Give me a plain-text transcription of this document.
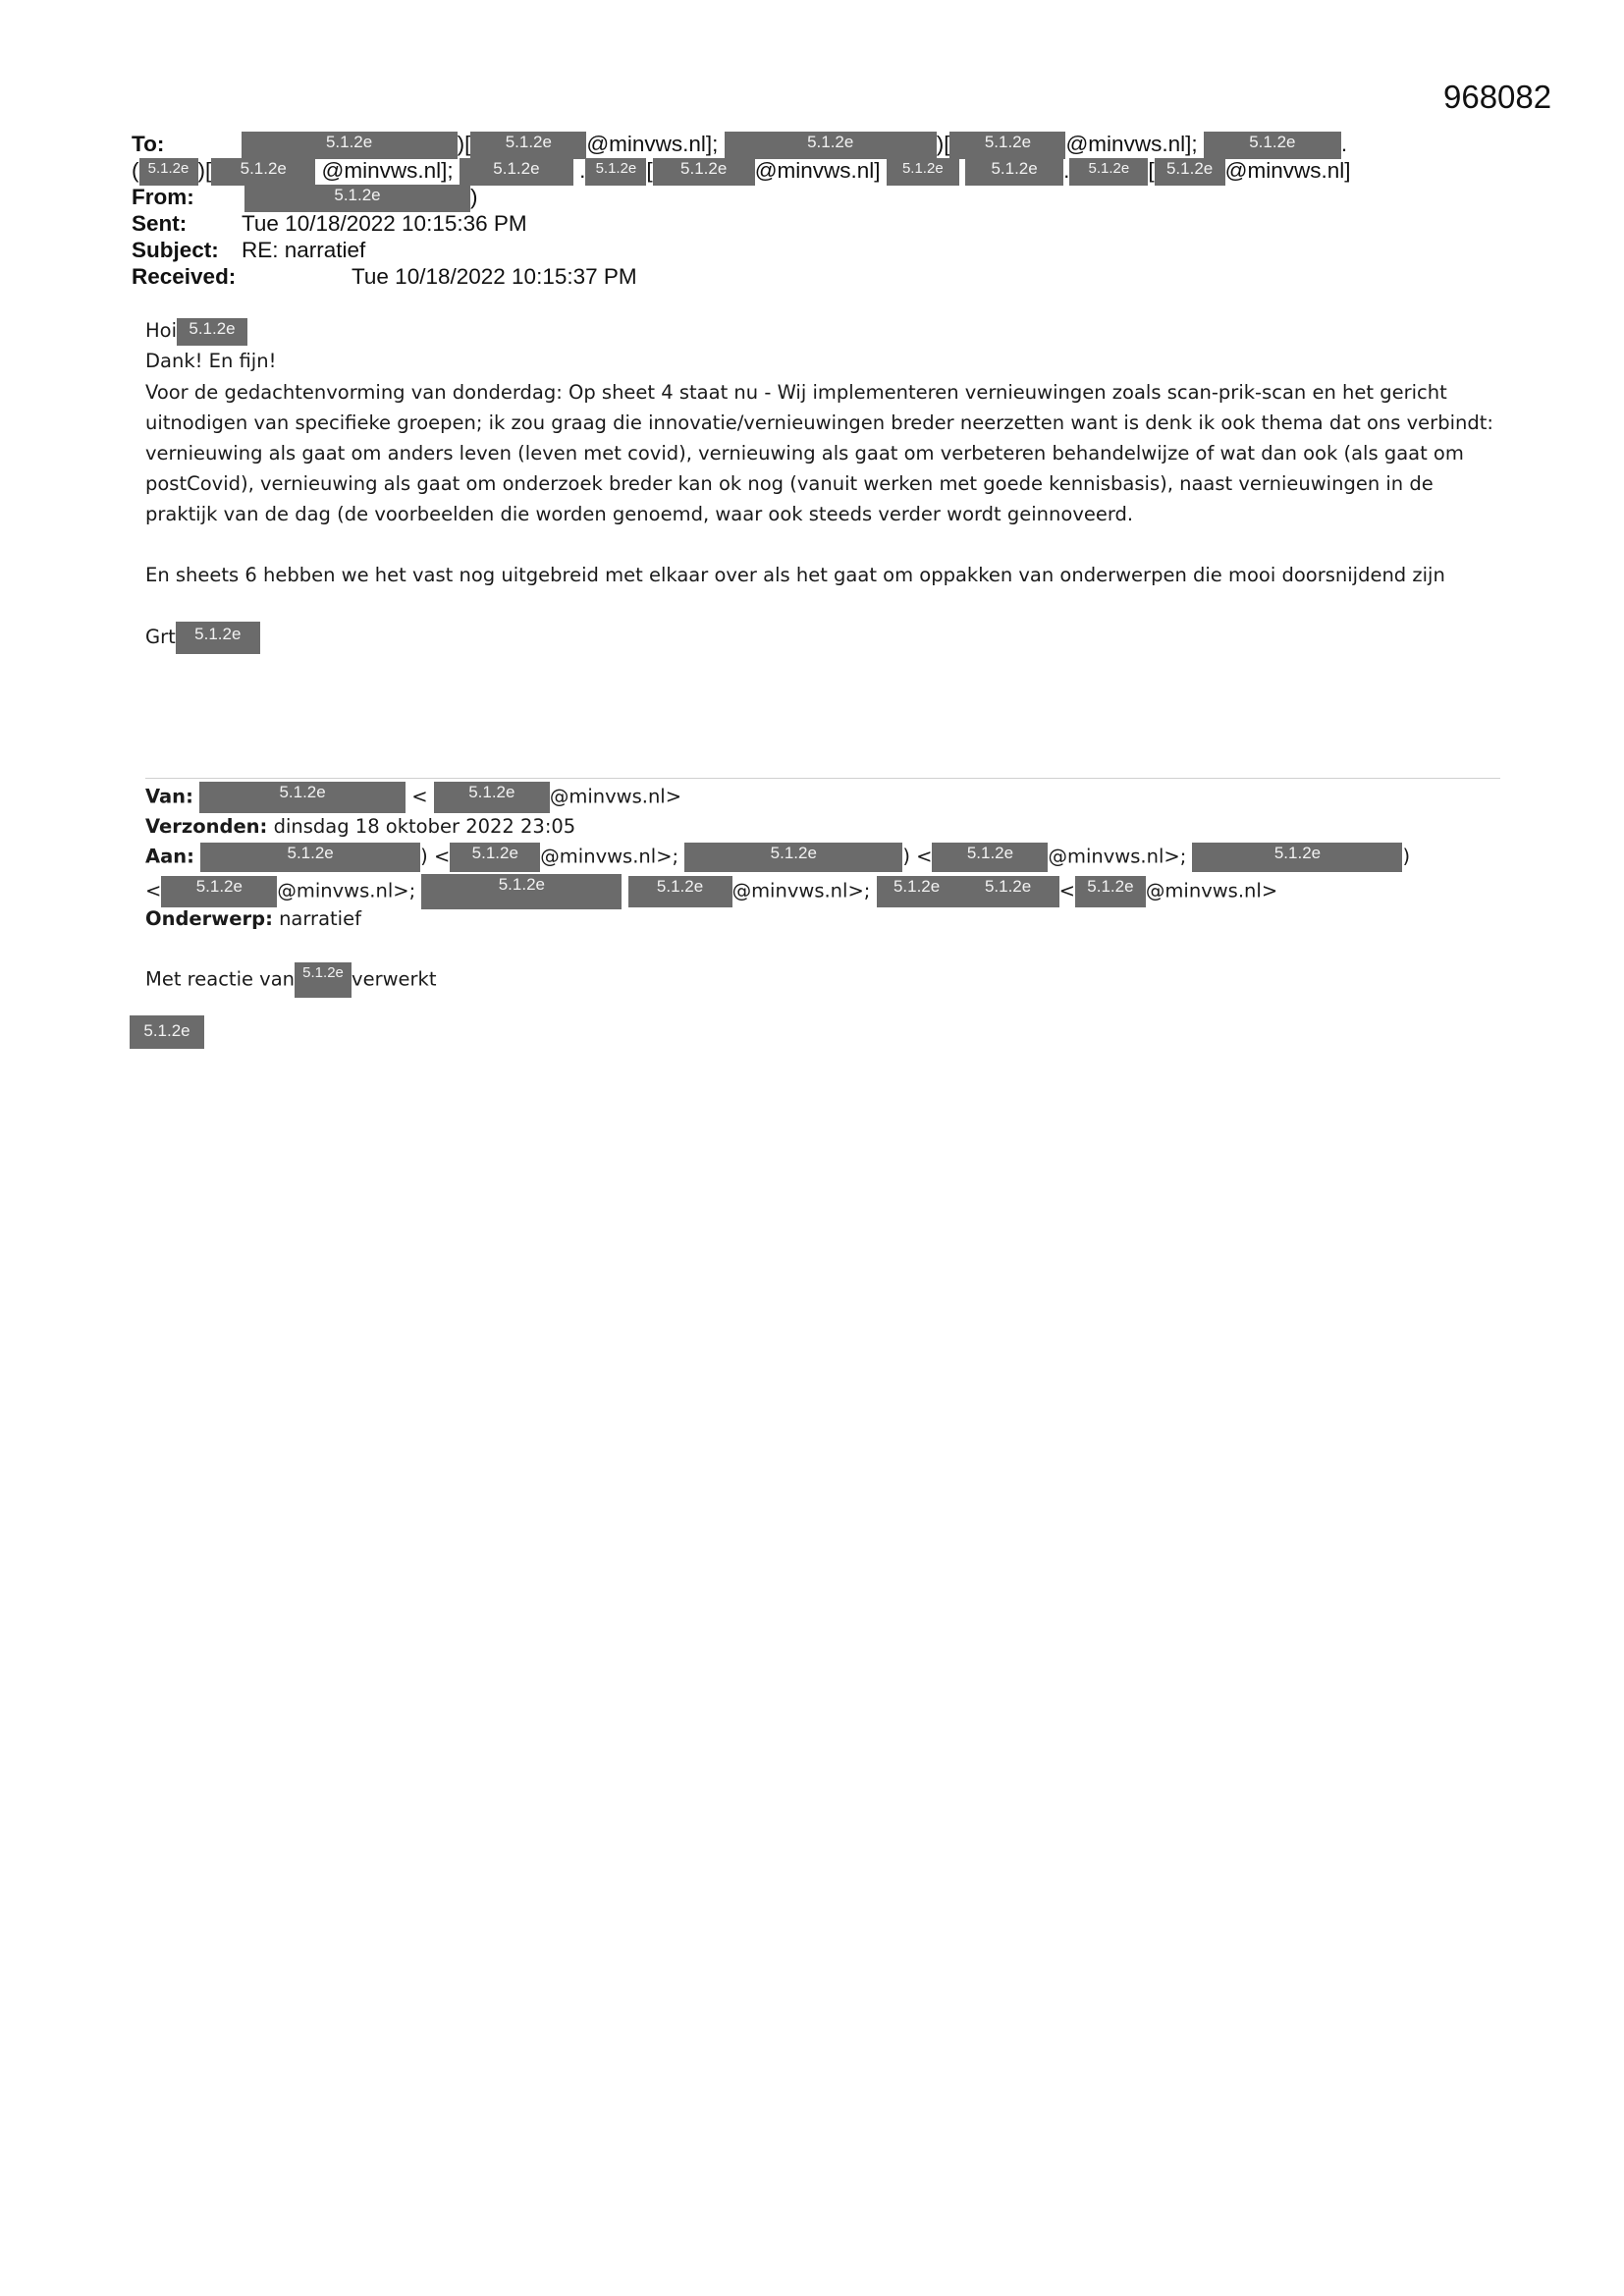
968082
To:	5.1.2e	)[ 5.1.2e @minvws.nl];	5.1.2e	)[ 5.1.2e @minvws.nl];	5.1.2e .
( 5.1.2e )[ 5.1.2e @minvws.nl]; 5.1.2e . 5.1.2e [ 5.1.2e @minvws.nl] 5.1.2e	5.1.2e . 5.1.2e [ 5.1.2e @minvws.nl]
From:	5.1.2e	)
Sent: Tue 10/18/2022 10:15:36 PM
Subject: RE: narratief
Received:	Tue 10/18/2022 10:15:37 PM
Hoi 5.1.2e
Dank! En fijn!
Voor de gedachtenvorming van donderdag: Op sheet 4 staat nu - Wij implementeren vernieuwingen zoals scan-prik-scan en het gericht uitnodigen van specifieke groepen; ik zou graag die innovatie/vernieuwingen breder neerzetten want is denk ik ook thema dat ons verbindt: vernieuwing als gaat om anders leven (leven met covid), vernieuwing als gaat om verbeteren behandelwijze of wat dan ook (als gaat om postCovid), vernieuwing als gaat om onderzoek breder kan ok nog (vanuit werken met goede kennisbasis), naast vernieuwingen in de praktijk van de dag (de voorbeelden die worden genoemd, waar ook steeds verder wordt geinnoveerd.
En sheets 6 hebben we het vast nog uitgebreid met elkaar over als het gaat om oppakken van onderwerpen die mooi doorsnijdend zijn
Grt 5.1.2e
Van:	5.1.2e	< 5.1.2e @minvws.nl>
Verzonden: dinsdag 18 oktober 2022 23:05
Aan:	5.1.2e	) < 5.1.2e @minvws.nl>;	5.1.2e	) < 5.1.2e @minvws.nl>;	5.1.2e	)
< 5.1.2e @minvws.nl>;	5.1.2e	5.1.2e @minvws.nl>; 5.1.2e	5.1.2e < 5.1.2e @minvws.nl>
Onderwerp: narratief
Met reactie van 5.1.2e verwerkt
5.1.2e
